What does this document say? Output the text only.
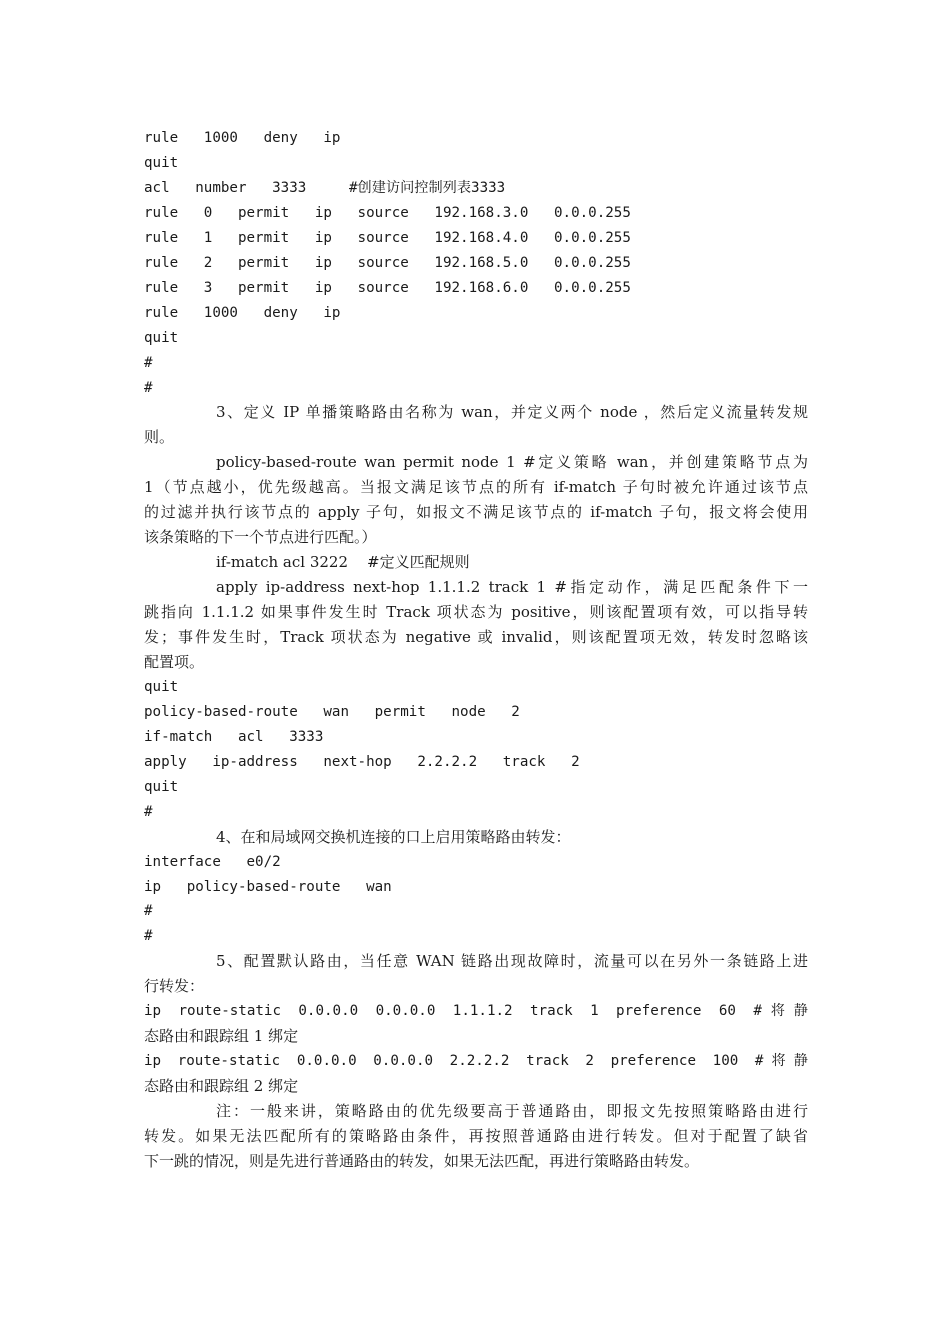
rule   1000   deny   ip
quit
acl   number   3333     #创建访问控制列表3333
rule   0   permit   ip   source   192.168.3.0   0.0.0.255
rule   1   permit   ip   source   192.168.4.0   0.0.0.255
rule   2   permit   ip   source   192.168.5.0   0.0.0.255
rule   3   permit   ip   source   192.168.6.0   0.0.0.255
rule   1000   deny   ip
quit
#
#
3、定义 IP 单播策略路由名称为 wan，并定义两个 node ，然后定义流量转发规
则。
policy-based-route wan permit node 1 #定义策略 wan，并创建策略节点为
1（节点越小，优先级越高。当报文满足该节点的所有 if-match 子句时被允许通过该节点
的过滤并执行该节点的 apply 子句，如报文不满足该节点的 if-match 子句，报文将会使用
该条策略的下一个节点进行匹配。）
if-match acl 3222    #定义匹配规则
apply ip-address next-hop 1.1.1.2 track 1 #指定动作，满足匹配条件下一
跳指向 1.1.1.2 如果事件发生时 Track 项状态为 positive，则该配置项有效，可以指导转
发；事件发生时，Track 项状态为 negative 或 invalid，则该配置项无效，转发时忽略该
配置项。
quit
policy-based-route   wan   permit   node   2
if-match   acl   3333
apply   ip-address   next-hop   2.2.2.2   track   2
quit
#
4、在和局域网交换机连接的口上启用策略路由转发：
interface   e0/2
ip   policy-based-route   wan
#
#
5、配置默认路由，当任意 WAN 链路出现故障时，流量可以在另外一条链路上进
行转发：
ip route-static 0.0.0.0 0.0.0.0 1.1.1.2 track 1 preference 60 #将静
态路由和跟踪组 1 绑定
ip route-static 0.0.0.0 0.0.0.0 2.2.2.2 track 2 preference 100 #将静
态路由和跟踪组 2 绑定
注：一般来讲，策略路由的优先级要高于普通路由，即报文先按照策略路由进行
转发。如果无法匹配所有的策略路由条件，再按照普通路由进行转发。但对于配置了缺省
下一跳的情况，则是先进行普通路由的转发，如果无法匹配，再进行策略路由转发。
